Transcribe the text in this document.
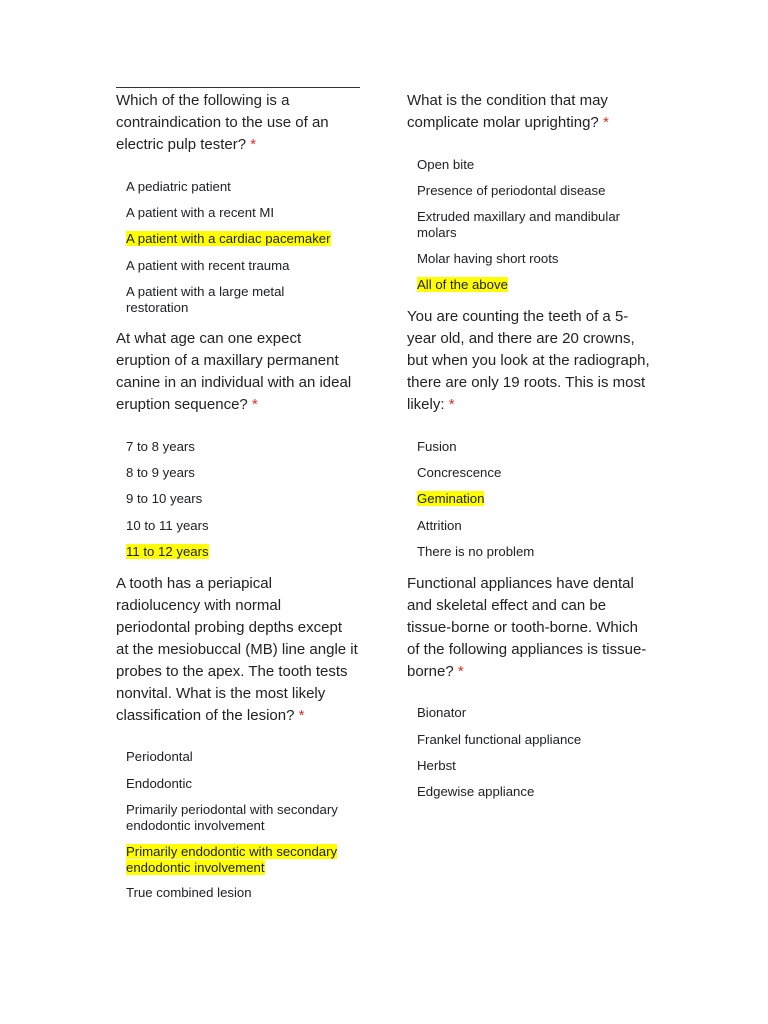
Which of the following is a contraindication to the use of an electric pulp tester? *

A pediatric patient
A patient with a recent MI
A patient with a cardiac pacemaker
A patient with recent trauma
A patient with a large metal restoration

At what age can one expect eruption of a maxillary permanent canine in an individual with an ideal eruption sequence? *

7 to 8 years
8 to 9 years
9 to 10 years
10 to 11 years
11 to 12 years

A tooth has a periapical radiolucency with normal periodontal probing depths except at the mesiobuccal (MB) line angle it probes to the apex. The tooth tests nonvital. What is the most likely classification of the lesion? *

Periodontal
Endodontic
Primarily periodontal with secondary endodontic involvement
Primarily endodontic with secondary endodontic involvement
True combined lesion

What is the condition that may complicate molar uprighting? *

Open bite
Presence of periodontal disease
Extruded maxillary and mandibular molars
Molar having short roots
All of the above

You are counting the teeth of a 5-year old, and there are 20 crowns, but when you look at the radiograph, there are only 19 roots. This is most likely: *

Fusion
Concrescence
Gemination
Attrition
There is no problem

Functional appliances have dental and skeletal effect and can be tissue-borne or tooth-borne. Which of the following appliances is tissue-borne? *

Bionator
Frankel functional appliance
Herbst
Edgewise appliance
